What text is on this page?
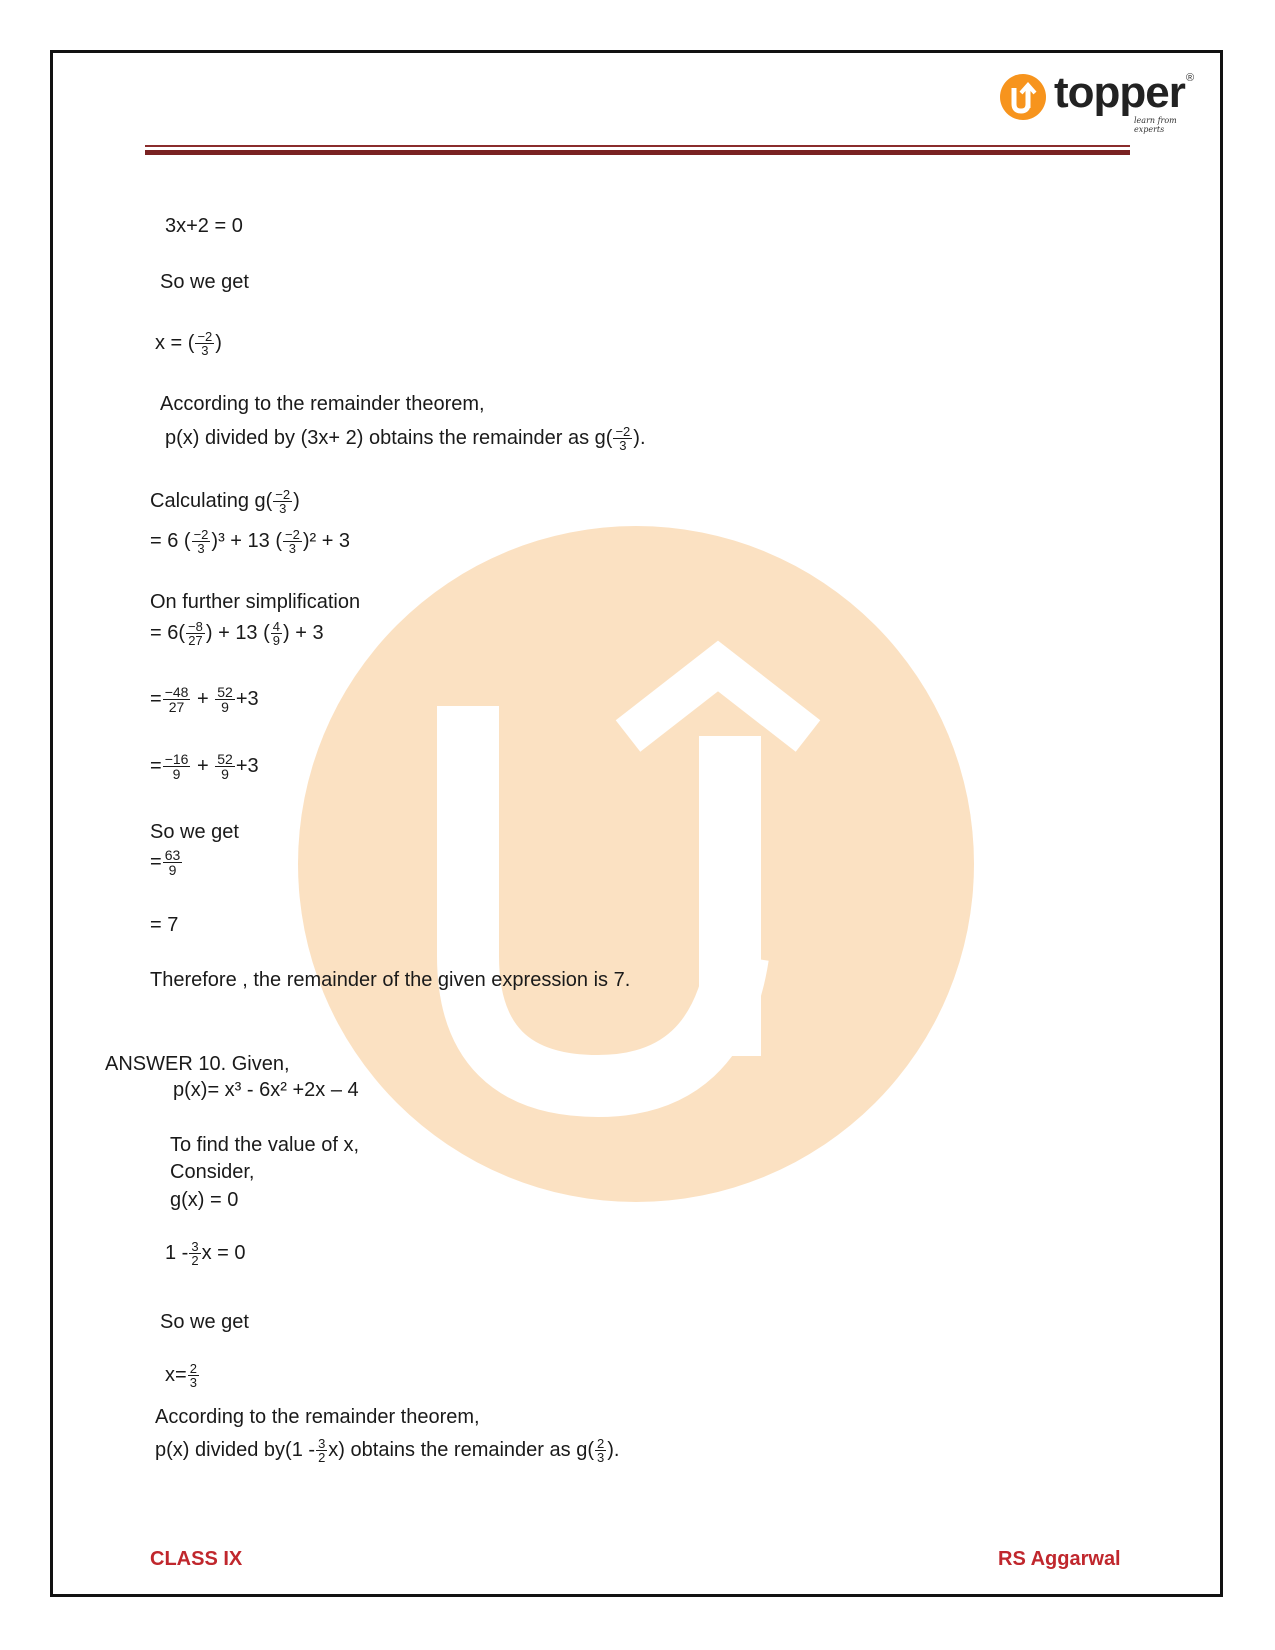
topper
learn from experts
®
3x+2 = 0
So we get
x = ( $\frac{-2}{3}$ )
According to the remainder theorem,
p(x) divided by (3x+ 2) obtains the remainder as $g( \frac{-2}{3}$ ).
Calculating $g( \frac{-2}{3}$ )
= 6 ( $\frac{-2}{3} )^3 + 13$ ( $\frac{-2}{3} )^2 + 3$
On further simplification
= $6( \frac{-8}{27}$ ) + 13 ( $\frac{4}{9}$ ) + 3
= $\frac{-48}{27} + \frac{52}{9} +3$
= $\frac{-16}{9} + \frac{52}{9} +3$
So we get
= $\frac{63}{9}$
= 7
Therefore , the remainder of the given expression is 7.
ANSWER 10. Given,
p(x)= x³ - 6x² +2x – 4
To find the value of x,
Consider,
g(x) = 0
$1 - \frac{3}{2}$ x = 0
So we get
$x= \frac{2}{3}$
According to the remainder theorem,
p(x) divided $by(1 - \frac{3}{2} x)$ obtains the remainder as $g( \frac{2}{3}$ ).
CLASS IX	RS Aggarwal
